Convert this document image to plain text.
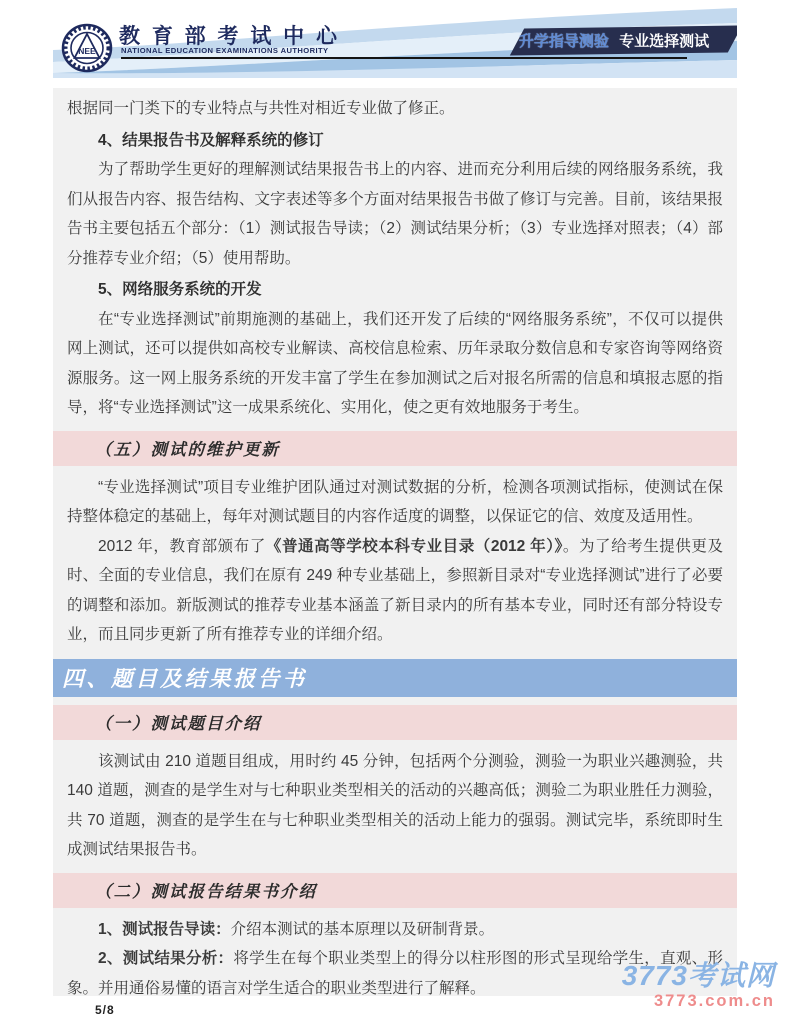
NEE
教 育 部 考 试 中 心
NATIONAL EDUCATION EXAMINATIONS AUTHORITY
升学指导测验 专业选择测试

根据同一门类下的专业特点与共性对相近专业做了修正。

4、结果报告书及解释系统的修订

为了帮助学生更好的理解测试结果报告书上的内容、进而充分利用后续的网络服务系统，我们从报告内容、报告结构、文字表述等多个方面对结果报告书做了修订与完善。目前，该结果报告书主要包括五个部分：（1）测试报告导读；（2）测试结果分析；（3）专业选择对照表；（4）部分推荐专业介绍；（5）使用帮助。

5、网络服务系统的开发

在“专业选择测试”前期施测的基础上，我们还开发了后续的“网络服务系统”，不仅可以提供网上测试，还可以提供如高校专业解读、高校信息检索、历年录取分数信息和专家咨询等网络资源服务。这一网上服务系统的开发丰富了学生在参加测试之后对报名所需的信息和填报志愿的指导，将“专业选择测试”这一成果系统化、实用化，使之更有效地服务于考生。

（五）测试的维护更新

“专业选择测试”项目专业维护团队通过对测试数据的分析，检测各项测试指标，使测试在保持整体稳定的基础上，每年对测试题目的内容作适度的调整，以保证它的信、效度及适用性。

2012 年，教育部颁布了《普通高等学校本科专业目录（2012 年）》。为了给考生提供更及时、全面的专业信息，我们在原有 249 种专业基础上，参照新目录对“专业选择测试”进行了必要的调整和添加。新版测试的推荐专业基本涵盖了新目录内的所有基本专业，同时还有部分特设专业，而且同步更新了所有推荐专业的详细介绍。

四、题目及结果报告书
（一）测试题目介绍

该测试由 210 道题目组成，用时约 45 分钟，包括两个分测验，测验一为职业兴趣测验，共 140 道题，测查的是学生对与七种职业类型相关的活动的兴趣高低；测验二为职业胜任力测验，共 70 道题，测查的是学生在与七种职业类型相关的活动上能力的强弱。测试完毕，系统即时生成测试结果报告书。

（二）测试报告结果书介绍

1、测试报告导读：介绍本测试的基本原理以及研制背景。

2、测试结果分析：将学生在每个职业类型上的得分以柱形图的形式呈现给学生，直观、形象。并用通俗易懂的语言对学生适合的职业类型进行了解释。

5/8
3773考试网
3773.com.cn
